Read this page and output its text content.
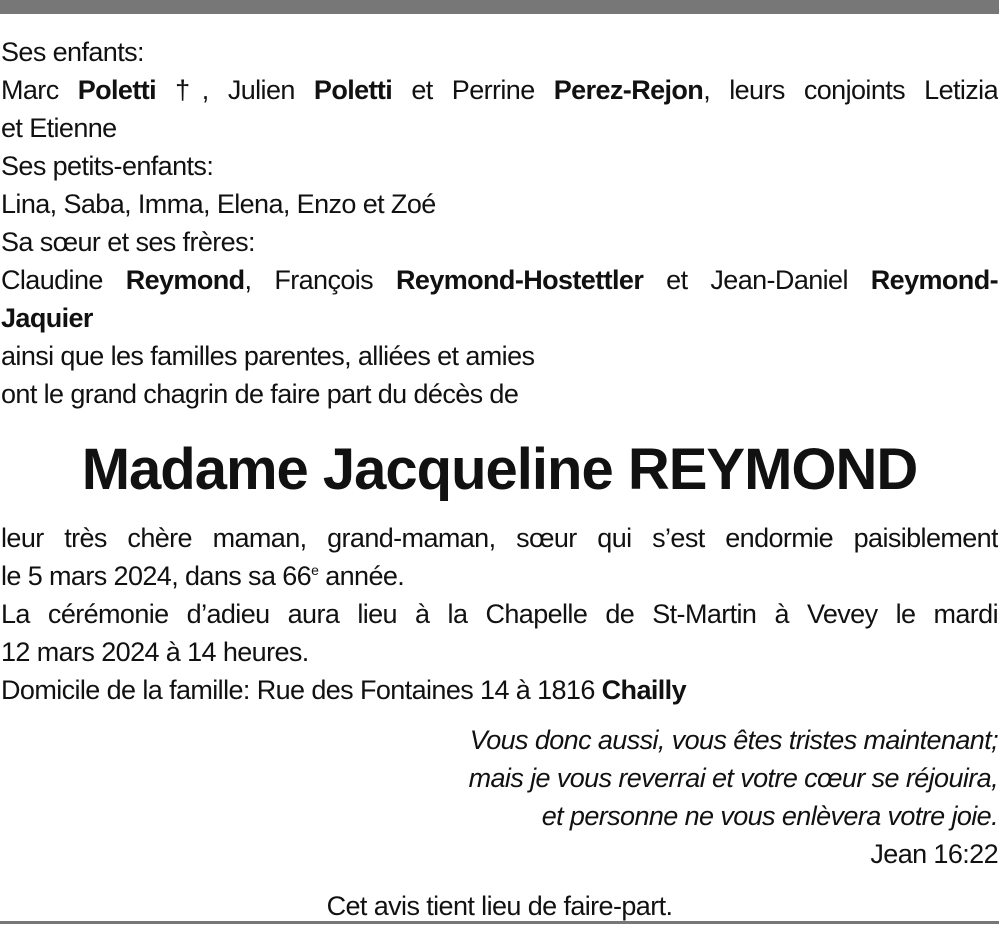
Ses enfants:
Marc Poletti †, Julien Poletti et Perrine Perez-Rejon, leurs conjoints Letizia
et Etienne
Ses petits-enfants:
Lina, Saba, Imma, Elena, Enzo et Zoé
Sa sœur et ses frères:
Claudine Reymond, François Reymond-Hostettler et Jean-Daniel Reymond-
Jaquier
ainsi que les familles parentes, alliées et amies
ont le grand chagrin de faire part du décès de
Madame Jacqueline REYMOND
leur très chère maman, grand-maman, sœur qui s’est endormie paisiblement
le 5 mars 2024, dans sa 66e année.
La cérémonie d’adieu aura lieu à la Chapelle de St-Martin à Vevey le mardi
12 mars 2024 à 14 heures.
Domicile de la famille: Rue des Fontaines 14 à 1816 Chailly
Vous donc aussi, vous êtes tristes maintenant;
mais je vous reverrai et votre cœur se réjouira,
et personne ne vous enlèvera votre joie.
Jean 16:22
Cet avis tient lieu de faire-part.
